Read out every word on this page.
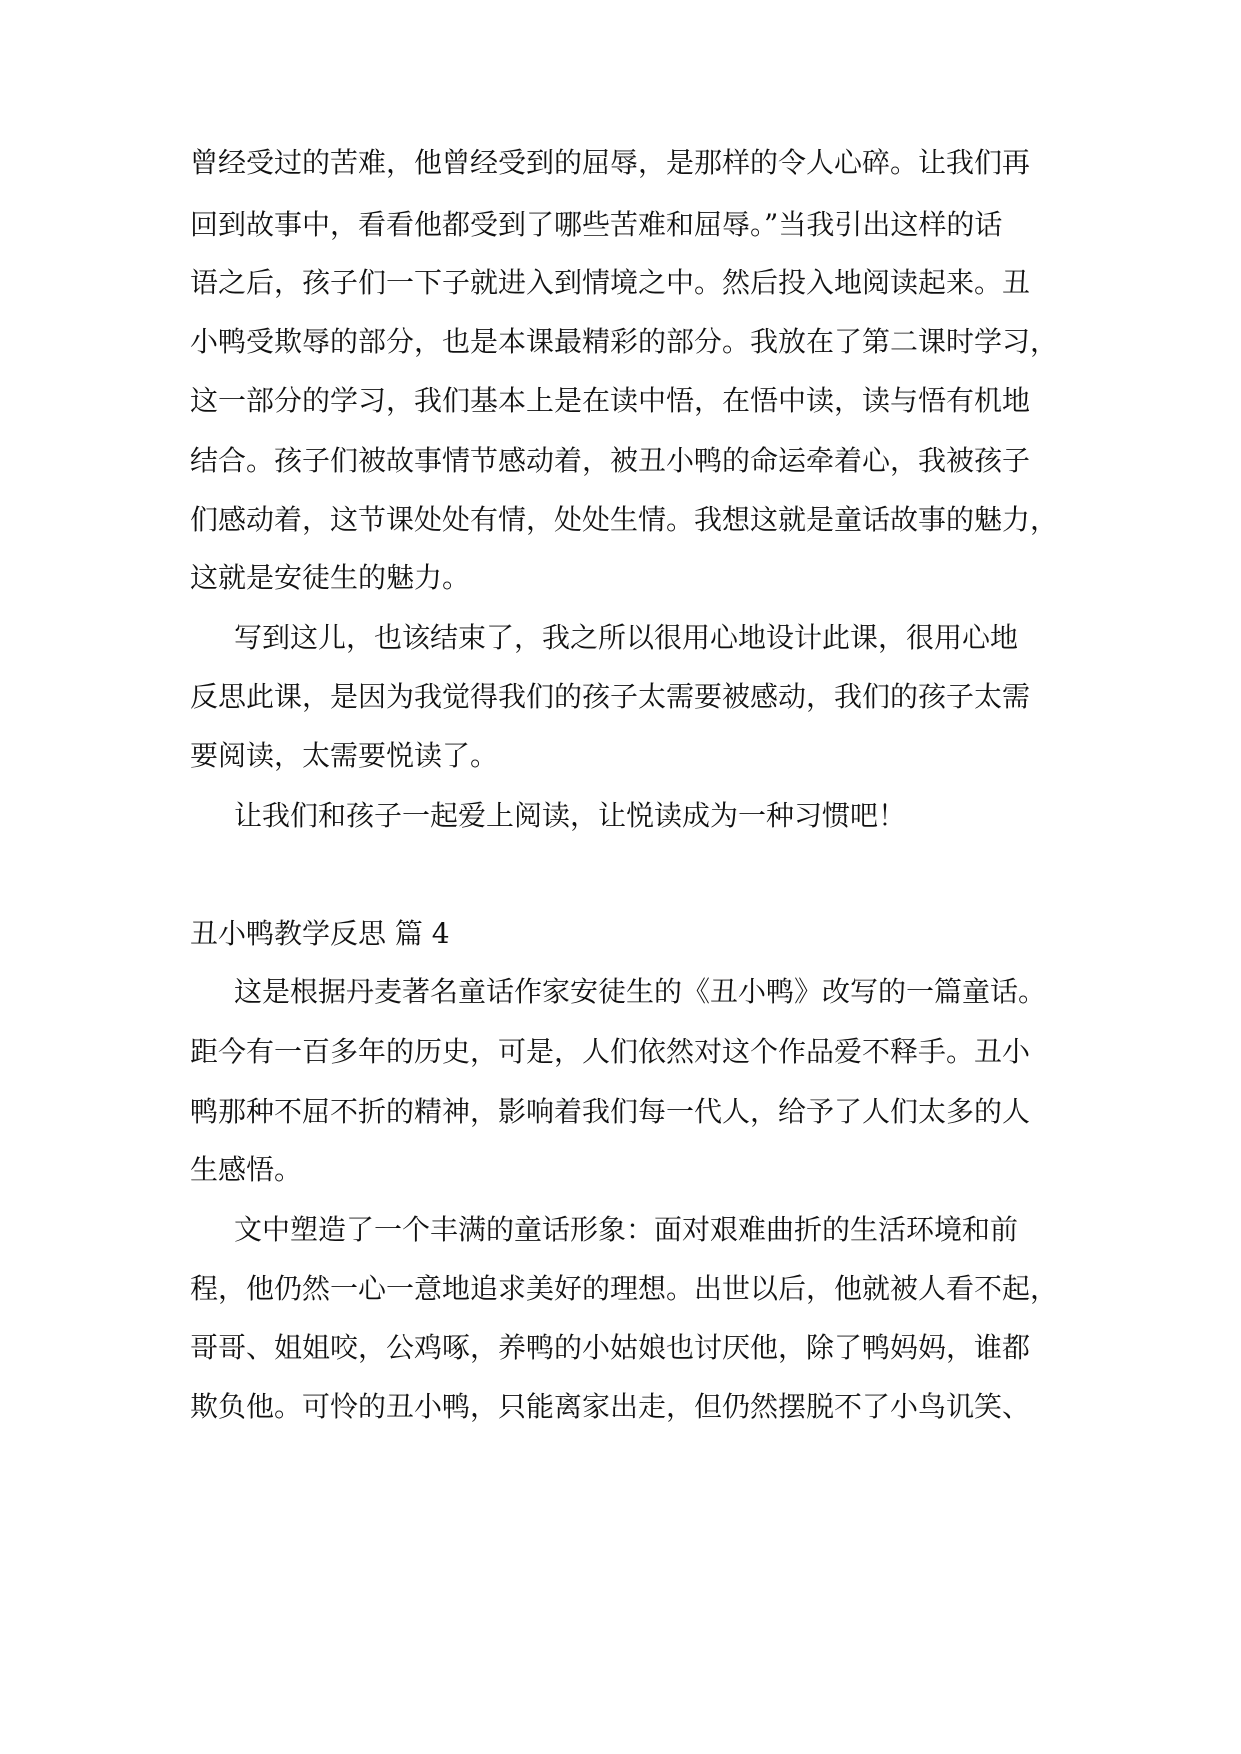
曾经受过的苦难，他曾经受到的屈辱，是那样的令人心碎。让我们再
回到故事中，看看他都受到了哪些苦难和屈辱。”当我引出这样的话
语之后，孩子们一下子就进入到情境之中。然后投入地阅读起来。丑
小鸭受欺辱的部分，也是本课最精彩的部分。我放在了第二课时学习，
这一部分的学习，我们基本上是在读中悟，在悟中读，读与悟有机地
结合。孩子们被故事情节感动着，被丑小鸭的命运牵着心，我被孩子
们感动着，这节课处处有情，处处生情。我想这就是童话故事的魅力，
这就是安徒生的魅力。
写到这儿，也该结束了，我之所以很用心地设计此课，很用心地
反思此课，是因为我觉得我们的孩子太需要被感动，我们的孩子太需
要阅读，太需要悦读了。
让我们和孩子一起爱上阅读，让悦读成为一种习惯吧！
丑小鸭教学反思 篇 4
这是根据丹麦著名童话作家安徒生的《丑小鸭》改写的一篇童话。
距今有一百多年的历史，可是，人们依然对这个作品爱不释手。丑小
鸭那种不屈不折的精神，影响着我们每一代人，给予了人们太多的人
生感悟。
文中塑造了一个丰满的童话形象：面对艰难曲折的生活环境和前
程，他仍然一心一意地追求美好的理想。出世以后，他就被人看不起，
哥哥、姐姐咬，公鸡啄，养鸭的小姑娘也讨厌他，除了鸭妈妈，谁都
欺负他。可怜的丑小鸭，只能离家出走，但仍然摆脱不了小鸟讥笑、
